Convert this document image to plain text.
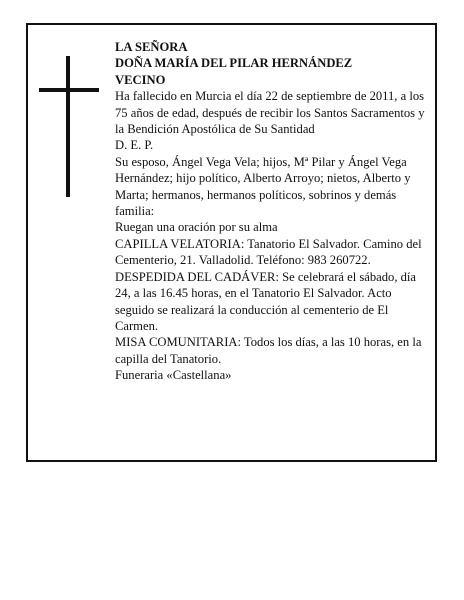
LA SEÑORA

DOÑA MARÍA DEL PILAR HERNÁNDEZ

VECINO

Ha fallecido en Murcia el día 22 de septiembre de 2011, a los 75 años de edad, después de recibir los Santos Sacramentos y la Bendición Apostólica de Su Santidad

D. E. P.

Su esposo, Ángel Vega Vela; hijos, Mª Pilar y Ángel Vega Hernández; hijo político, Alberto Arroyo; nietos, Alberto y Marta; hermanos, hermanos políticos, sobrinos y demás familia:

Ruegan una oración por su alma

CAPILLA VELATORIA: Tanatorio El Salvador. Camino del Cementerio, 21. Valladolid. Teléfono: 983 260722.

DESPEDIDA DEL CADÁVER: Se celebrará el sábado, día 24, a las 16.45 horas, en el Tanatorio El Salvador. Acto seguido se realizará la conducción al cementerio de El Carmen.

MISA COMUNITARIA: Todos los días, a las 10 horas, en la capilla del Tanatorio.

Funeraria «Castellana»
